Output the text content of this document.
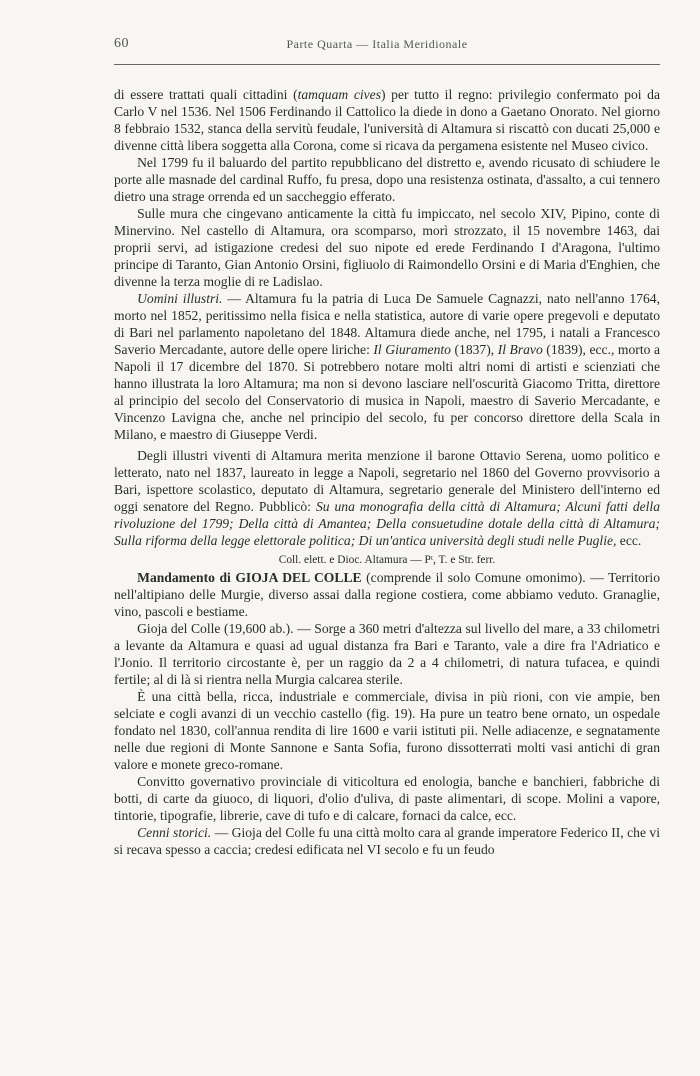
60	Parte Quarta — Italia Meridionale

di essere trattati quali cittadini (tamquam cives) per tutto il regno: privilegio confermato poi da Carlo V nel 1536. Nel 1506 Ferdinando il Cattolico la diede in dono a Gaetano Onorato. Nel giorno 8 febbraio 1532, stanca della servitù feudale, l'università di Altamura si riscattò con ducati 25,000 e divenne città libera soggetta alla Corona, come si ricava da pergamena esistente nel Museo civico.

Nel 1799 fu il baluardo del partito repubblicano del distretto e, avendo ricusato di schiudere le porte alle masnade del cardinal Ruffo, fu presa, dopo una resistenza ostinata, d'assalto, a cui tennero dietro una strage orrenda ed un saccheggio efferato.

Sulle mura che cingevano anticamente la città fu impiccato, nel secolo XIV, Pipino, conte di Minervino. Nel castello di Altamura, ora scomparso, morì strozzato, il 15 novembre 1463, dai proprii servi, ad istigazione credesi del suo nipote ed erede Ferdinando I d'Aragona, l'ultimo principe di Taranto, Gian Antonio Orsini, figliuolo di Raimondello Orsini e di Maria d'Enghien, che divenne la terza moglie di re Ladislao.

Uomini illustri. — Altamura fu la patria di Luca De Samuele Cagnazzi, nato nell'anno 1764, morto nel 1852, peritissimo nella fisica e nella statistica, autore di varie opere pregevoli e deputato di Bari nel parlamento napoletano del 1848. Altamura diede anche, nel 1795, i natali a Francesco Saverio Mercadante, autore delle opere liriche: Il Giuramento (1837), Il Bravo (1839), ecc., morto a Napoli il 17 dicembre del 1870. Si potrebbero notare molti altri nomi di artisti e scienziati che hanno illustrata la loro Altamura; ma non si devono lasciare nell'oscurità Giacomo Tritta, direttore al principio del secolo del Conservatorio di musica in Napoli, maestro di Saverio Mercadante, e Vincenzo Lavigna che, anche nel principio del secolo, fu per concorso direttore della Scala in Milano, e maestro di Giuseppe Verdi.

Degli illustri viventi di Altamura merita menzione il barone Ottavio Serena, uomo politico e letterato, nato nel 1837, laureato in legge a Napoli, segretario nel 1860 del Governo provvisorio a Bari, ispettore scolastico, deputato di Altamura, segretario generale del Ministero dell'interno ed oggi senatore del Regno. Pubblicò: Su una monografia della città di Altamura; Alcuni fatti della rivoluzione del 1799; Della città di Amantea; Della consuetudine dotale della città di Altamura; Sulla riforma della legge elettorale politica; Di un'antica università degli studi nelle Puglie, ecc.

Coll. elett. e Dioc. Altamura — Pᵗ, T. e Str. ferr.

Mandamento di GIOJA DEL COLLE (comprende il solo Comune omonimo). — Territorio nell'altipiano delle Murgie, diverso assai dalla regione costiera, come abbiamo veduto. Granaglie, vino, pascoli e bestiame.

Gioja del Colle (19,600 ab.). — Sorge a 360 metri d'altezza sul livello del mare, a 33 chilometri a levante da Altamura e quasi ad ugual distanza fra Bari e Taranto, vale a dire fra l'Adriatico e l'Jonio. Il territorio circostante è, per un raggio da 2 a 4 chilometri, di natura tufacea, e quindi fertile; al di là si rientra nella Murgia calcarea sterile.

È una città bella, ricca, industriale e commerciale, divisa in più rioni, con vie ampie, ben selciate e cogli avanzi di un vecchio castello (fig. 19). Ha pure un teatro bene ornato, un ospedale fondato nel 1830, coll'annua rendita di lire 1600 e varii istituti pii. Nelle adiacenze, e segnatamente nelle due regioni di Monte Sannone e Santa Sofia, furono dissotterrati molti vasi antichi di gran valore e monete greco-romane.

Convitto governativo provinciale di viticoltura ed enologia, banche e banchieri, fabbriche di botti, di carte da giuoco, di liquori, d'olio d'uliva, di paste alimentari, di scope. Molini a vapore, tintorie, tipografie, librerie, cave di tufo e di calcare, fornaci da calce, ecc.

Cenni storici. — Gioja del Colle fu una città molto cara al grande imperatore Federico II, che vi si recava spesso a caccia; credesi edificata nel VI secolo e fu un feudo
